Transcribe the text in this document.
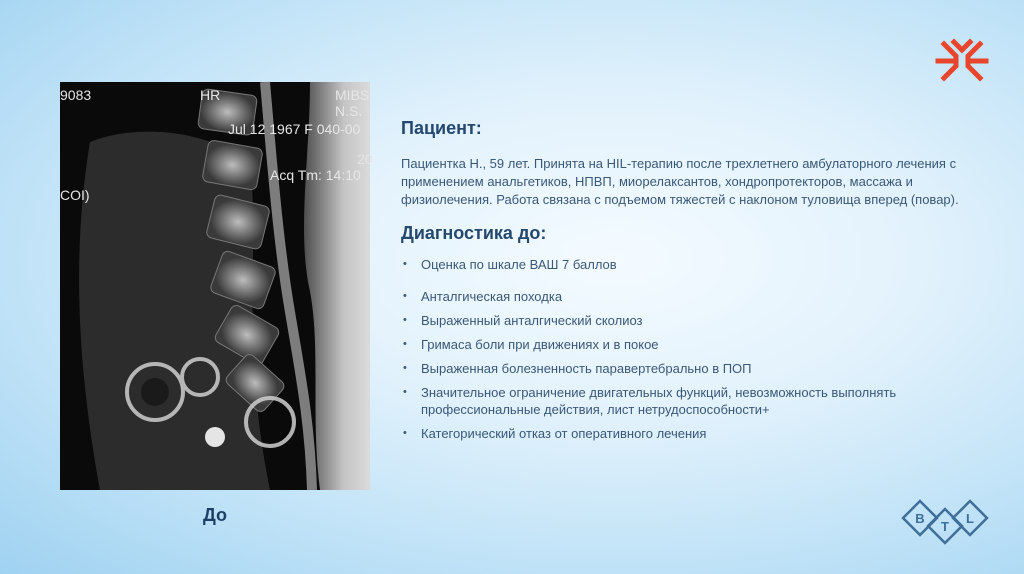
9083	HR	MIBS
N.S.
Jul 12 1967 F 040-00
20
Acq Tm: 14:10
COI)
До
Пациент:

Пациентка Н., 59 лет. Принята на HIL-терапию после трехлетнего амбулаторного лечения с применением анальгетиков, НПВП, миорелаксантов, хондропротекторов, массажа и физиолечения. Работа связана с подъемом тяжестей с наклоном туловища вперед (повар).

Диагностика до:
• Оценка по шкале ВАШ 7 баллов
• Анталгическая походка
• Выраженный анталгический сколиоз
• Гримаса боли при движениях и в покое
• Выраженная болезненность паравертебрально в ПОП
• Значительное ограничение двигательных функций, невозможность выполнять профессиональные действия, лист нетрудоспособности+
• Категорический отказ от оперативного лечения
B
T
L
